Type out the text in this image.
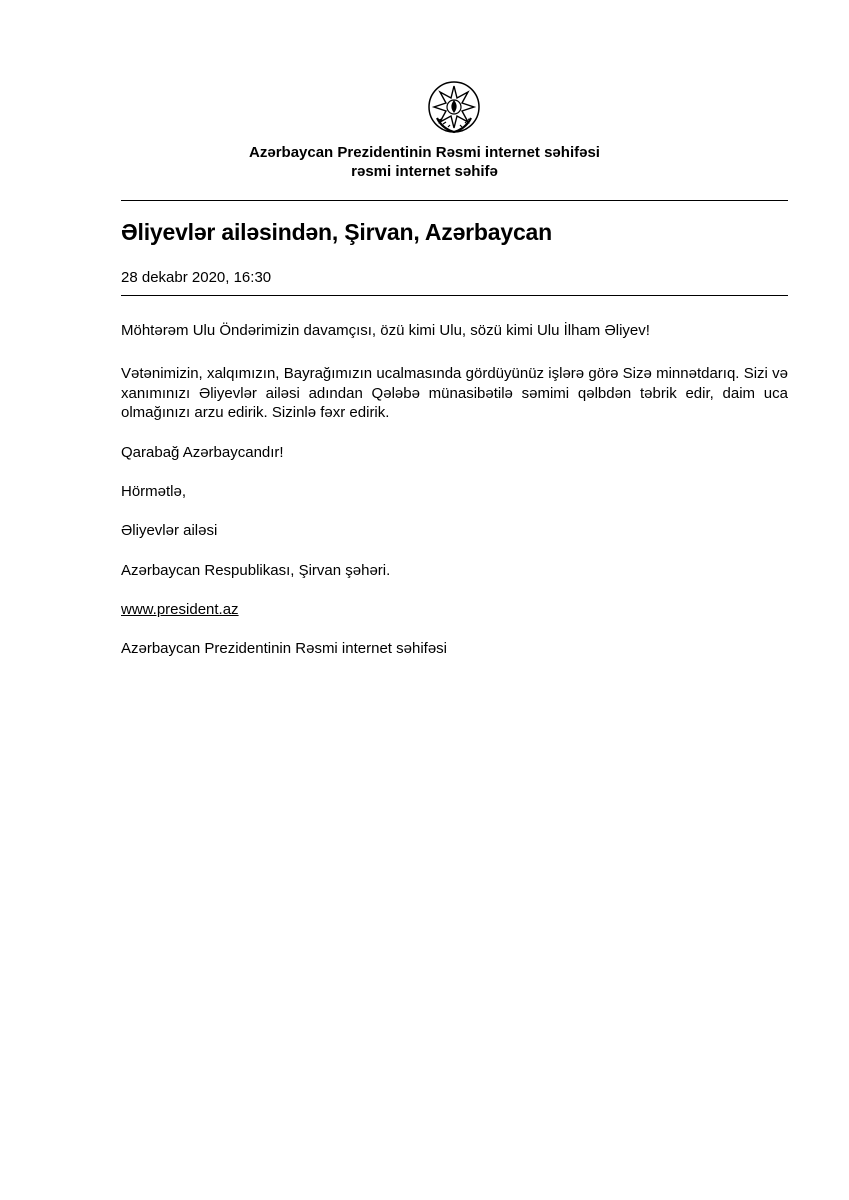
Azərbaycan Prezidentinin Rəsmi internet səhifəsi
rəsmi internet səhifə
Əliyevlər ailəsindən, Şirvan, Azərbaycan
28 dekabr 2020, 16:30
Möhtərəm Ulu Öndərimizin davamçısı, özü kimi Ulu, sözü kimi Ulu İlham Əliyev!
Vətənimizin, xalqımızın, Bayrağımızın ucalmasında gördüyünüz işlərə görə Sizə minnətdarıq. Sizi və xanımınızı Əliyevlər ailəsi adından Qələbə münasibətilə səmimi qəlbdən təbrik edir, daim uca olmağınızı arzu edirik. Sizinlə fəxr edirik.
Qarabağ Azərbaycandır!
Hörmətlə,
Əliyevlər ailəsi
Azərbaycan Respublikası, Şirvan şəhəri.
www.president.az
Azərbaycan Prezidentinin Rəsmi internet səhifəsi
